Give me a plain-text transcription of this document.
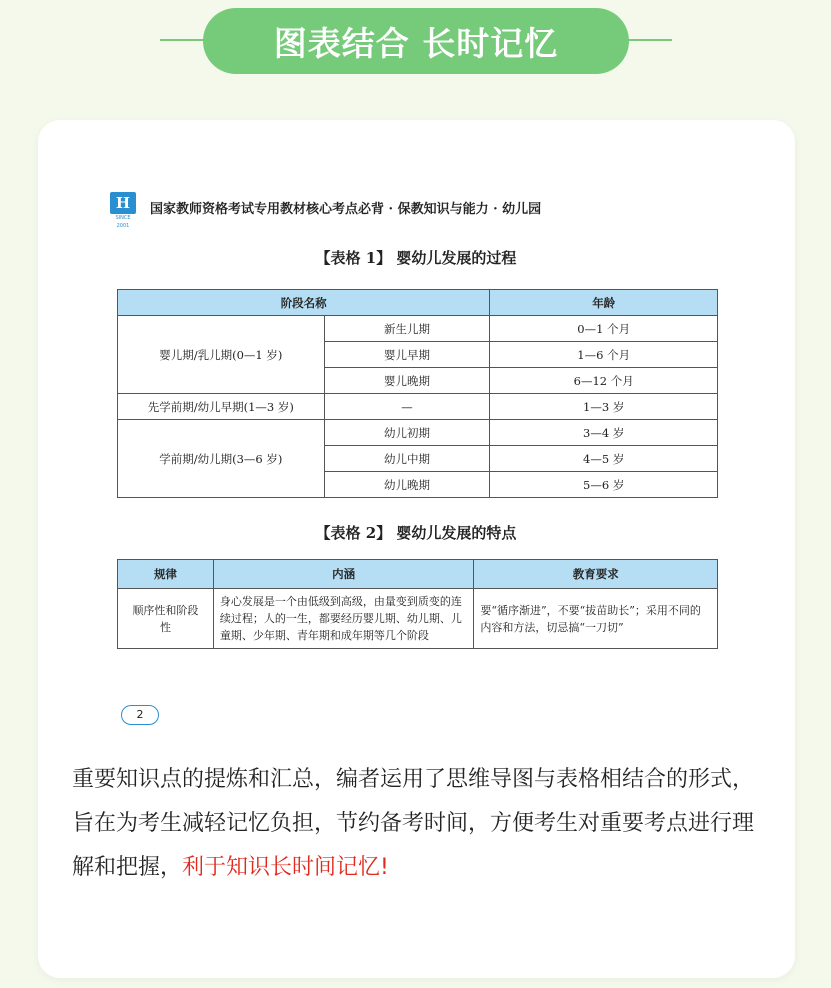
图表结合 长时记忆
H
SINCE 2001
国家教师资格考试专用教材核心考点必背 · 保教知识与能力 · 幼儿园

【表格 1】 婴幼儿发展的过程

【表格 2】 婴幼儿发展的特点

阶段名称		年龄
婴儿期/乳儿期(0—1 岁)	新生儿期	0—1 个月
	婴儿早期	1—6 个月
	婴儿晚期	6—12 个月
先学前期/幼儿早期(1—3 岁)	—	1—3 岁
学前期/幼儿期(3—6 岁)	幼儿初期	3—4 岁
	幼儿中期	4—5 岁
	幼儿晚期	5—6 岁
规律	内涵	教育要求
顺序性和阶段性	身心发展是一个由低级到高级，由量变到质变的连续过程；人的一生，都要经历婴儿期、幼儿期、儿童期、少年期、青年期和成年期等几个阶段	要“循序渐进”，不要“拔苗助长”；采用不同的内容和方法，切忌搞“一刀切”
2
重要知识点的提炼和汇总，编者运用了思维导图与表格相结合的形式，旨在为考生减轻记忆负担，节约备考时间，方便考生对重要考点进行理解和把握，利于知识长时间记忆!
